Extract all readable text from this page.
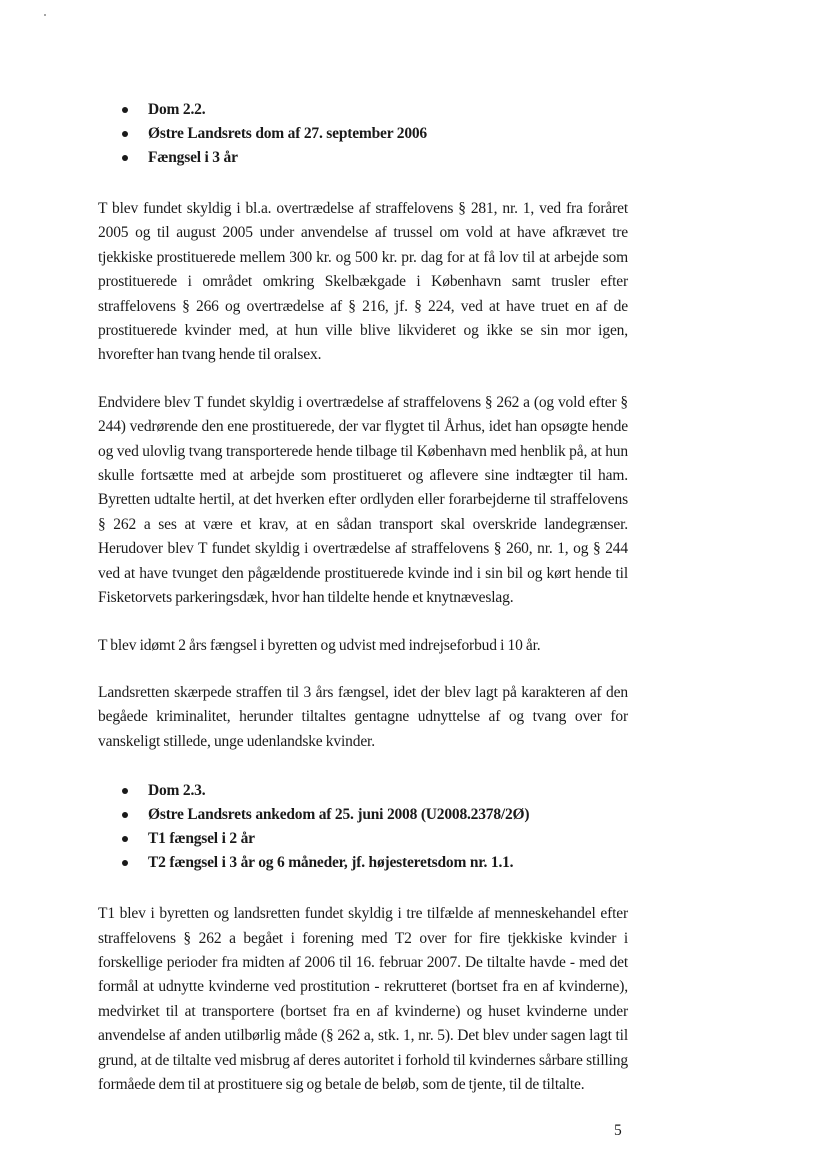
Dom 2.2.
Østre Landsrets dom af 27. september 2006
Fængsel i 3 år

T blev fundet skyldig i bl.a. overtrædelse af straffelovens § 281, nr. 1, ved fra foråret 2005 og til august 2005 under anvendelse af trussel om vold at have afkrævet tre tjekkiske prostituerede mellem 300 kr. og 500 kr. pr. dag for at få lov til at arbejde som prostituerede i området omkring Skelbækgade i København samt trusler efter straffelovens § 266 og overtrædelse af § 216, jf. § 224, ved at have truet en af de prostituerede kvinder med, at hun ville blive likvideret og ikke se sin mor igen, hvorefter han tvang hende til oralsex.

Endvidere blev T fundet skyldig i overtrædelse af straffelovens § 262 a (og vold efter § 244) vedrørende den ene prostituerede, der var flygtet til Århus, idet han opsøgte hende og ved ulovlig tvang transporterede hende tilbage til København med henblik på, at hun skulle fortsætte med at arbejde som prostitueret og aflevere sine indtægter til ham. Byretten udtalte hertil, at det hverken efter ordlyden eller forarbejderne til straffelovens § 262 a ses at være et krav, at en sådan transport skal overskride landegrænser. Herudover blev T fundet skyldig i overtrædelse af straffelovens § 260, nr. 1, og § 244 ved at have tvunget den pågældende prostituerede kvinde ind i sin bil og kørt hende til Fisketorvets parkeringsdæk, hvor han tildelte hende et knytnæveslag.

T blev idømt 2 års fængsel i byretten og udvist med indrejseforbud i 10 år.

Landsretten skærpede straffen til 3 års fængsel, idet der blev lagt på karakteren af den begåede kriminalitet, herunder tiltaltes gentagne udnyttelse af og tvang over for vanskeligt stillede, unge udenlandske kvinder.

Dom 2.3.
Østre Landsrets ankedom af 25. juni 2008 (U2008.2378/2Ø)
T1 fængsel i 2 år
T2 fængsel i 3 år og 6 måneder, jf. højesteretsdom nr. 1.1.

T1 blev i byretten og landsretten fundet skyldig i tre tilfælde af menneskehandel efter straffelovens § 262 a begået i forening med T2 over for fire tjekkiske kvinder i forskellige perioder fra midten af 2006 til 16. februar 2007. De tiltalte havde - med det formål at udnytte kvinderne ved prostitution - rekrutteret (bortset fra en af kvinderne), medvirket til at transportere (bortset fra en af kvinderne) og huset kvinderne under anvendelse af anden utilbørlig måde (§ 262 a, stk. 1, nr. 5). Det blev under sagen lagt til grund, at de tiltalte ved misbrug af deres autoritet i forhold til kvindernes sårbare stilling formåede dem til at prostituere sig og betale de beløb, som de tjente, til de tiltalte.

5
